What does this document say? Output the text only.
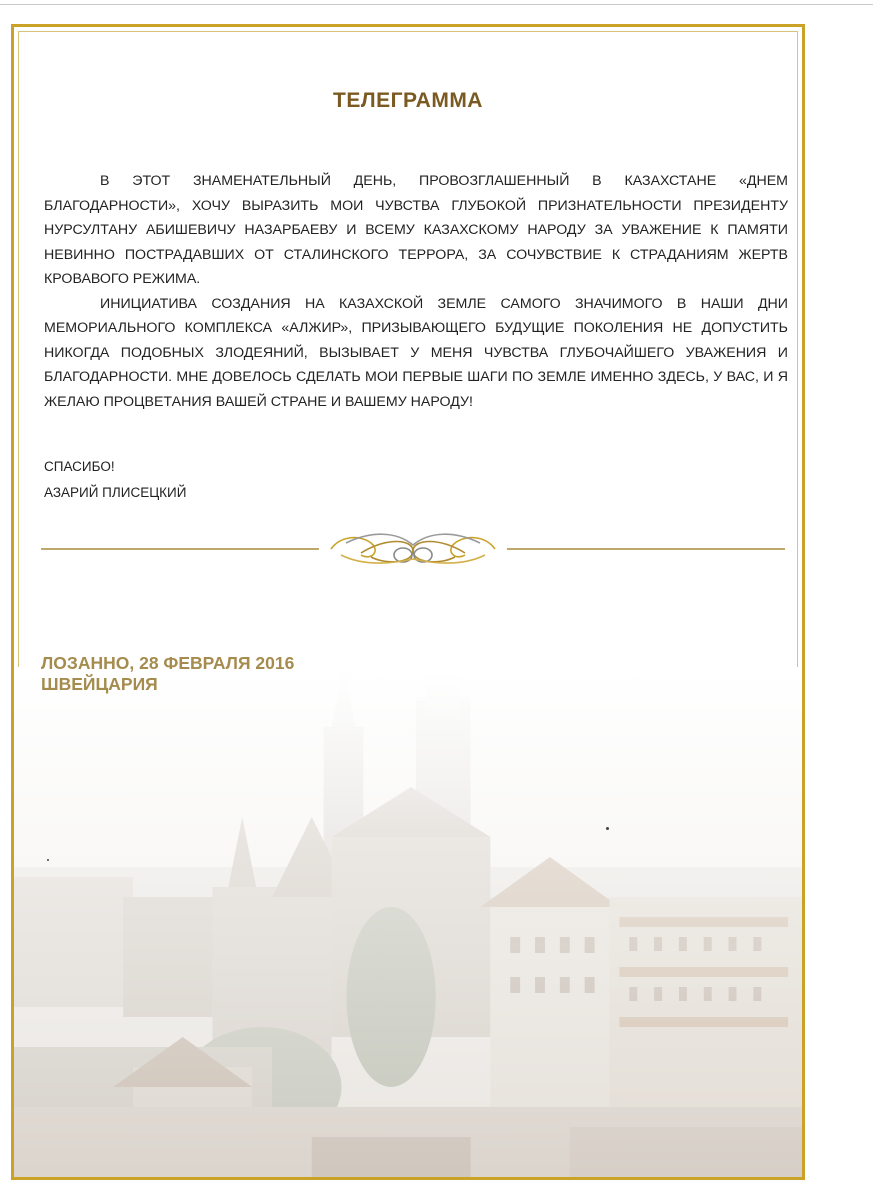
ТЕЛЕГРАММА

В ЭТОТ ЗНАМЕНАТЕЛЬНЫЙ ДЕНЬ, ПРОВОЗГЛАШЕННЫЙ В КАЗАХСТАНЕ «ДНЕМ БЛАГОДАРНОСТИ», ХОЧУ ВЫРАЗИТЬ МОИ ЧУВСТВА ГЛУБОКОЙ ПРИЗНАТЕЛЬНОСТИ ПРЕЗИДЕНТУ НУРСУЛТАНУ АБИШЕВИЧУ НАЗАРБАЕВУ И ВСЕМУ КАЗАХСКОМУ НАРОДУ ЗА УВАЖЕНИЕ К ПАМЯТИ НЕВИННО ПОСТРАДАВШИХ ОТ СТАЛИНСКОГО ТЕРРОРА, ЗА СОЧУВСТВИЕ К СТРАДАНИЯМ ЖЕРТВ КРОВАВОГО РЕЖИМА.

ИНИЦИАТИВА СОЗДАНИЯ НА КАЗАХСКОЙ ЗЕМЛЕ САМОГО ЗНАЧИМОГО В НАШИ ДНИ МЕМОРИАЛЬНОГО КОМПЛЕКСА «АЛЖИР», ПРИЗЫВАЮЩЕГО БУДУЩИЕ ПОКОЛЕНИЯ НЕ ДОПУСТИТЬ НИКОГДА ПОДОБНЫХ ЗЛОДЕЯНИЙ, ВЫЗЫВАЕТ У МЕНЯ ЧУВСТВА ГЛУБОЧАЙШЕГО УВАЖЕНИЯ И БЛАГОДАРНОСТИ. МНЕ ДОВЕЛОСЬ СДЕЛАТЬ МОИ ПЕРВЫЕ ШАГИ ПО ЗЕМЛЕ ИМЕННО ЗДЕСЬ, У ВАС, И Я ЖЕЛАЮ ПРОЦВЕТАНИЯ ВАШЕЙ СТРАНЕ И ВАШЕМУ НАРОДУ!

СПАСИБО!
АЗАРИЙ ПЛИСЕЦКИЙ
ЛОЗАННО, 28 ФЕВРАЛЯ 2016
ШВЕЙЦАРИЯ
